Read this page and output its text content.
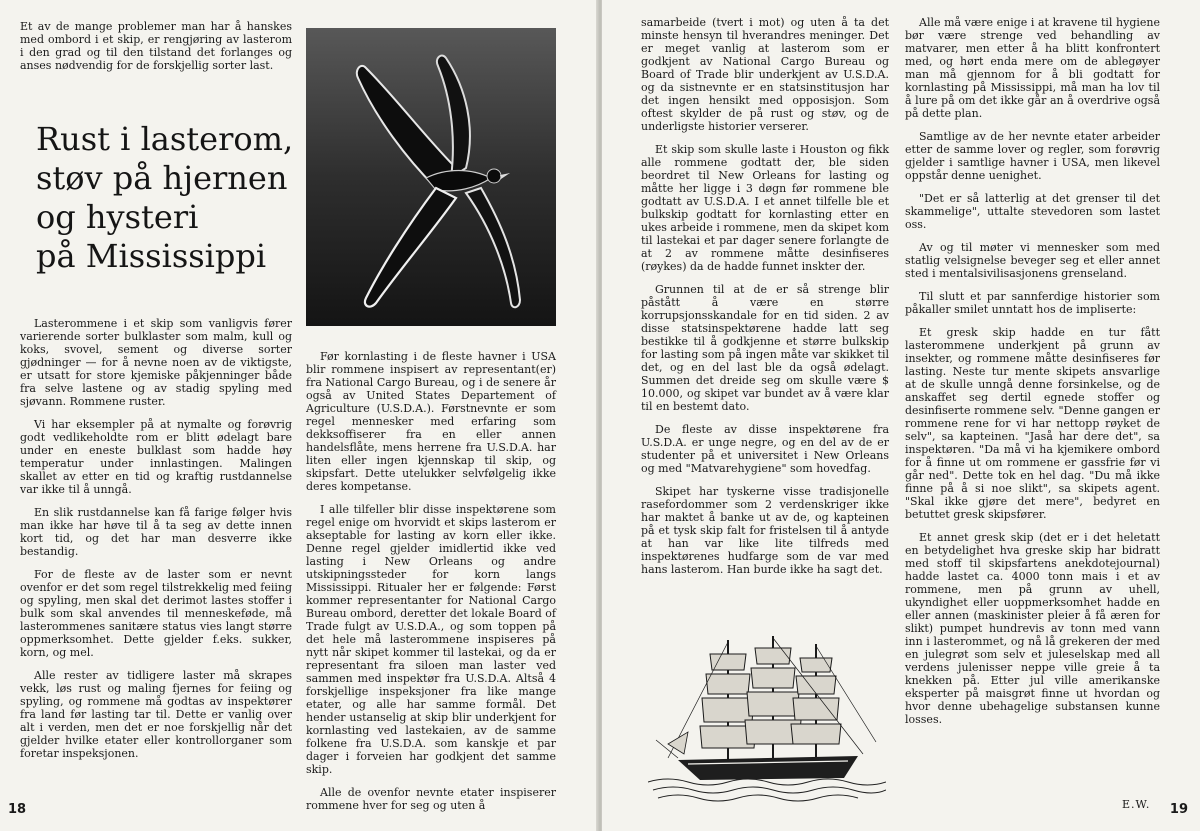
Et av de mange problemer man har å hanskes med ombord i et skip, er rengjøring av lasterom i den grad og til den tilstand det forlanges og anses nødvendig for de forskjellig sorter last.

Rust i lasterom,
støv på hjernen
og hysteri
på Mississippi

Lasterommene i et skip som vanligvis fører varierende sorter bulklaster som malm, kull og koks, svovel, sement og diverse sorter gjødninger — for å nevne noen av de viktigste, er utsatt for store kjemiske påkjenninger både fra selve lastene og av stadig spyling med sjøvann. Rommene ruster.

Vi har eksempler på at nymalte og forøvrig godt vedlikeholdte rom er blitt ødelagt bare under en eneste bulklast som hadde høy temperatur under innlastingen. Malingen skallet av etter en tid og kraftig rustdannelse var ikke til å unngå.

En slik rustdannelse kan få farige følger hvis man ikke har høve til å ta seg av dette innen kort tid, og det har man desverre ikke bestandig.

For de fleste av de laster som er nevnt ovenfor er det som regel tilstrekkelig med feiing og spyling, men skal det derimot lastes stoffer i bulk som skal anvendes til menneskeføde, må lasterommenes sanitære status vies langt større oppmerksomhet. Dette gjelder f.eks. sukker, korn, og mel.

Alle rester av tidligere laster må skrapes vekk, løs rust og maling fjernes for feiing og spyling, og rommene må godtas av inspektører fra land før lasting tar til. Dette er vanlig over alt i verden, men det er noe forskjellig når det gjelder hvilke etater eller kontrollorganer som foretar inspeksjonen.

Før kornlasting i de fleste havner i USA blir rommene inspisert av representant(er) fra National Cargo Bureau, og i de senere år også av United States Departement of Agriculture (U.S.D.A.). Førstnevnte er som regel mennesker med erfaring som dekksoffiserer fra en eller annen handelsflåte, mens herrene fra U.S.D.A. har liten eller ingen kjennskap til skip, og skipsfart. Dette utelukker selvfølgelig ikke deres kompetanse.

I alle tilfeller blir disse inspektørene som regel enige om hvorvidt et skips lasterom er akseptable for lasting av korn eller ikke. Denne regel gjelder imidlertid ikke ved lasting i New Orleans og andre utskipningssteder for korn langs Mississippi. Ritualer her er følgende: Først kommer representanter for National Cargo Bureau ombord, deretter det lokale Board of Trade fulgt av U.S.D.A., og som toppen på det hele må lasterommene inspiseres på nytt når skipet kommer til lastekai, og da er representant fra siloen man laster ved sammen med inspektør fra U.S.D.A. Altså 4 forskjellige inspeksjoner fra like mange etater, og alle har samme formål. Det hender ustanselig at skip blir underkjent for kornlasting ved lastekaien, av de samme folkene fra U.S.D.A. som kanskje et par dager i forveien har godkjent det samme skip.

Alle de ovenfor nevnte etater inspiserer rommene hver for seg og uten å

18

samarbeide (tvert i mot) og uten å ta det minste hensyn til hverandres meninger. Det er meget vanlig at lasterom som er godkjent av National Cargo Bureau og Board of Trade blir underkjent av U.S.D.A. og da sistnevnte er en statsinstitusjon har det ingen hensikt med opposisjon. Som oftest skylder de på rust og støv, og de underligste historier verserer.

Et skip som skulle laste i Houston og fikk alle rommene godtatt der, ble siden beordret til New Orleans for lasting og måtte her ligge i 3 døgn før rommene ble godtatt av U.S.D.A. I et annet tilfelle ble et bulkskip godtatt for kornlasting etter en ukes arbeide i rommene, men da skipet kom til lastekai et par dager senere forlangte de at 2 av rommene måtte desinfiseres (røykes) da de hadde funnet inskter der.

Grunnen til at de er så strenge blir påstått å være en større korrupsjonsskandale for en tid siden. 2 av disse statsinspektørene hadde latt seg bestikke til å godkjenne et større bulkskip for lasting som på ingen måte var skikket til det, og en del last ble da også ødelagt. Summen det dreide seg om skulle være $ 10.000, og skipet var bundet av å være klar til en bestemt dato.

De fleste av disse inspektørene fra U.S.D.A. er unge negre, og en del av de er studenter på et universitet i New Orleans og med "Matvarehygiene" som hovedfag.

Skipet har tyskerne visse tradisjonelle rasefordommer som 2 verdenskriger ikke har maktet å banke ut av de, og kapteinen på et tysk skip falt for fristelsen til å antyde at han var like lite tilfreds med inspektørenes hudfarge som de var med hans lasterom. Han burde ikke ha sagt det.

Alle må være enige i at kravene til hygiene bør være strenge ved behandling av matvarer, men etter å ha blitt konfrontert med, og hørt enda mere om de ablegøyer man må gjennom for å bli godtatt for kornlasting på Mississippi, må man ha lov til å lure på om det ikke går an å overdrive også på dette plan.

Samtlige av de her nevnte etater arbeider etter de samme lover og regler, som forøvrig gjelder i samtlige havner i USA, men likevel oppstår denne uenighet.

"Det er så latterlig at det grenser til det skammelige", uttalte stevedoren som lastet oss.

Av og til møter vi mennesker som med statlig velsignelse beveger seg et eller annet sted i mentalsivilisasjonens grenseland.

Til slutt et par sannferdige historier som påkaller smilet unntatt hos de impliserte:

Et gresk skip hadde en tur fått lasterommene underkjent på grunn av insekter, og rommene måtte desinfiseres før lasting. Neste tur mente skipets ansvarlige at de skulle unngå denne forsinkelse, og de anskaffet seg dertil egnede stoffer og desinfiserte rommene selv. "Denne gangen er rommene rene for vi har nettopp røyket de selv", sa kapteinen. "Jaså har dere det", sa inspektøren. "Da må vi ha kjemikere ombord for å finne ut om rommene er gassfrie før vi går ned". Dette tok en hel dag. "Du må ikke finne på å si noe slikt", sa skipets agent. "Skal ikke gjøre det mere", bedyret en betuttet gresk skipsfører.

Et annet gresk skip (det er i det heletatt en betydelighet hva greske skip har bidratt med stoff til skipsfartens anekdotejournal) hadde lastet ca. 4000 tonn mais i et av rommene, men på grunn av uhell, ukyndighet eller uoppmerksomhet hadde en eller annen (maskinister pleier å få æren for slikt) pumpet hundrevis av tonn med vann inn i lasterommet, og nå lå grekeren der med en julegrøt som selv et juleselskap med all verdens julenisser neppe ville greie å ta knekken på. Etter jul ville amerikanske eksperter på maisgrøt finne ut hvordan og hvor denne ubehagelige substansen kunne losses.

E.W. 19
